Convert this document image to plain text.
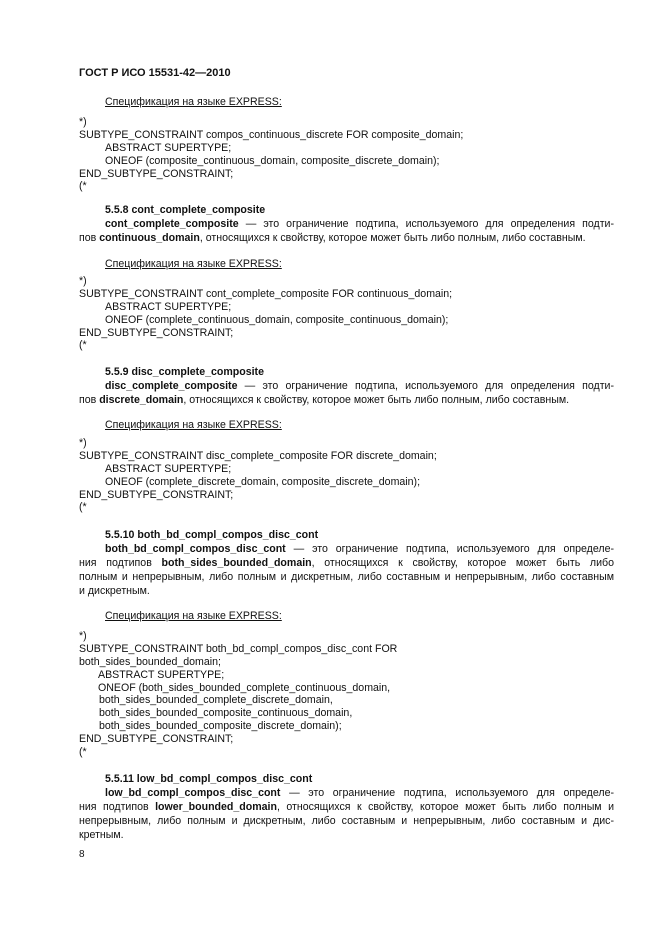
ГОСТ Р ИСО 15531-42—2010
Спецификация на языке EXPRESS:
*)
SUBTYPE_CONSTRAINT compos_continuous_discrete FOR composite_domain;
ABSTRACT SUPERTYPE;
ONEOF (composite_continuous_domain, composite_discrete_domain);
END_SUBTYPE_CONSTRAINT;
(*
5.5.8 cont_complete_composite
cont_complete_composite — это ограничение подтипа, используемого для определения подти-
пов continuous_domain, относящихся к свойству, которое может быть либо полным, либо составным.
Спецификация на языке EXPRESS:
*)
SUBTYPE_CONSTRAINT cont_complete_composite FOR continuous_domain;
ABSTRACT SUPERTYPE;
ONEOF (complete_continuous_domain, composite_continuous_domain);
END_SUBTYPE_CONSTRAINT;
(*
5.5.9 disc_complete_composite
disc_complete_composite — это ограничение подтипа, используемого для определения подти-
пов discrete_domain, относящихся к свойству, которое может быть либо полным, либо составным.
Спецификация на языке EXPRESS:
*)
SUBTYPE_CONSTRAINT disc_complete_composite FOR discrete_domain;
ABSTRACT SUPERTYPE;
ONEOF (complete_discrete_domain, composite_discrete_domain);
END_SUBTYPE_CONSTRAINT;
(*
5.5.10 both_bd_compl_compos_disc_cont
both_bd_compl_compos_disc_cont — это ограничение подтипа, используемого для определе-
ния подтипов both_sides_bounded_domain, относящихся к свойству, которое может быть либо
полным и непрерывным, либо полным и дискретным, либо составным и непрерывным, либо составным
и дискретным.
Спецификация на языке EXPRESS:
*)
SUBTYPE_CONSTRAINT both_bd_compl_compos_disc_cont FOR
both_sides_bounded_domain;
ABSTRACT SUPERTYPE;
ONEOF (both_sides_bounded_complete_continuous_domain,
both_sides_bounded_complete_discrete_domain,
both_sides_bounded_composite_continuous_domain,
both_sides_bounded_composite_discrete_domain);
END_SUBTYPE_CONSTRAINT;
(*
5.5.11 low_bd_compl_compos_disc_cont
low_bd_compl_compos_disc_cont — это ограничение подтипа, используемого для определе-
ния подтипов lower_bounded_domain, относящихся к свойству, которое может быть либо полным и
непрерывным, либо полным и дискретным, либо составным и непрерывным, либо составным и дис-
кретным.
8
